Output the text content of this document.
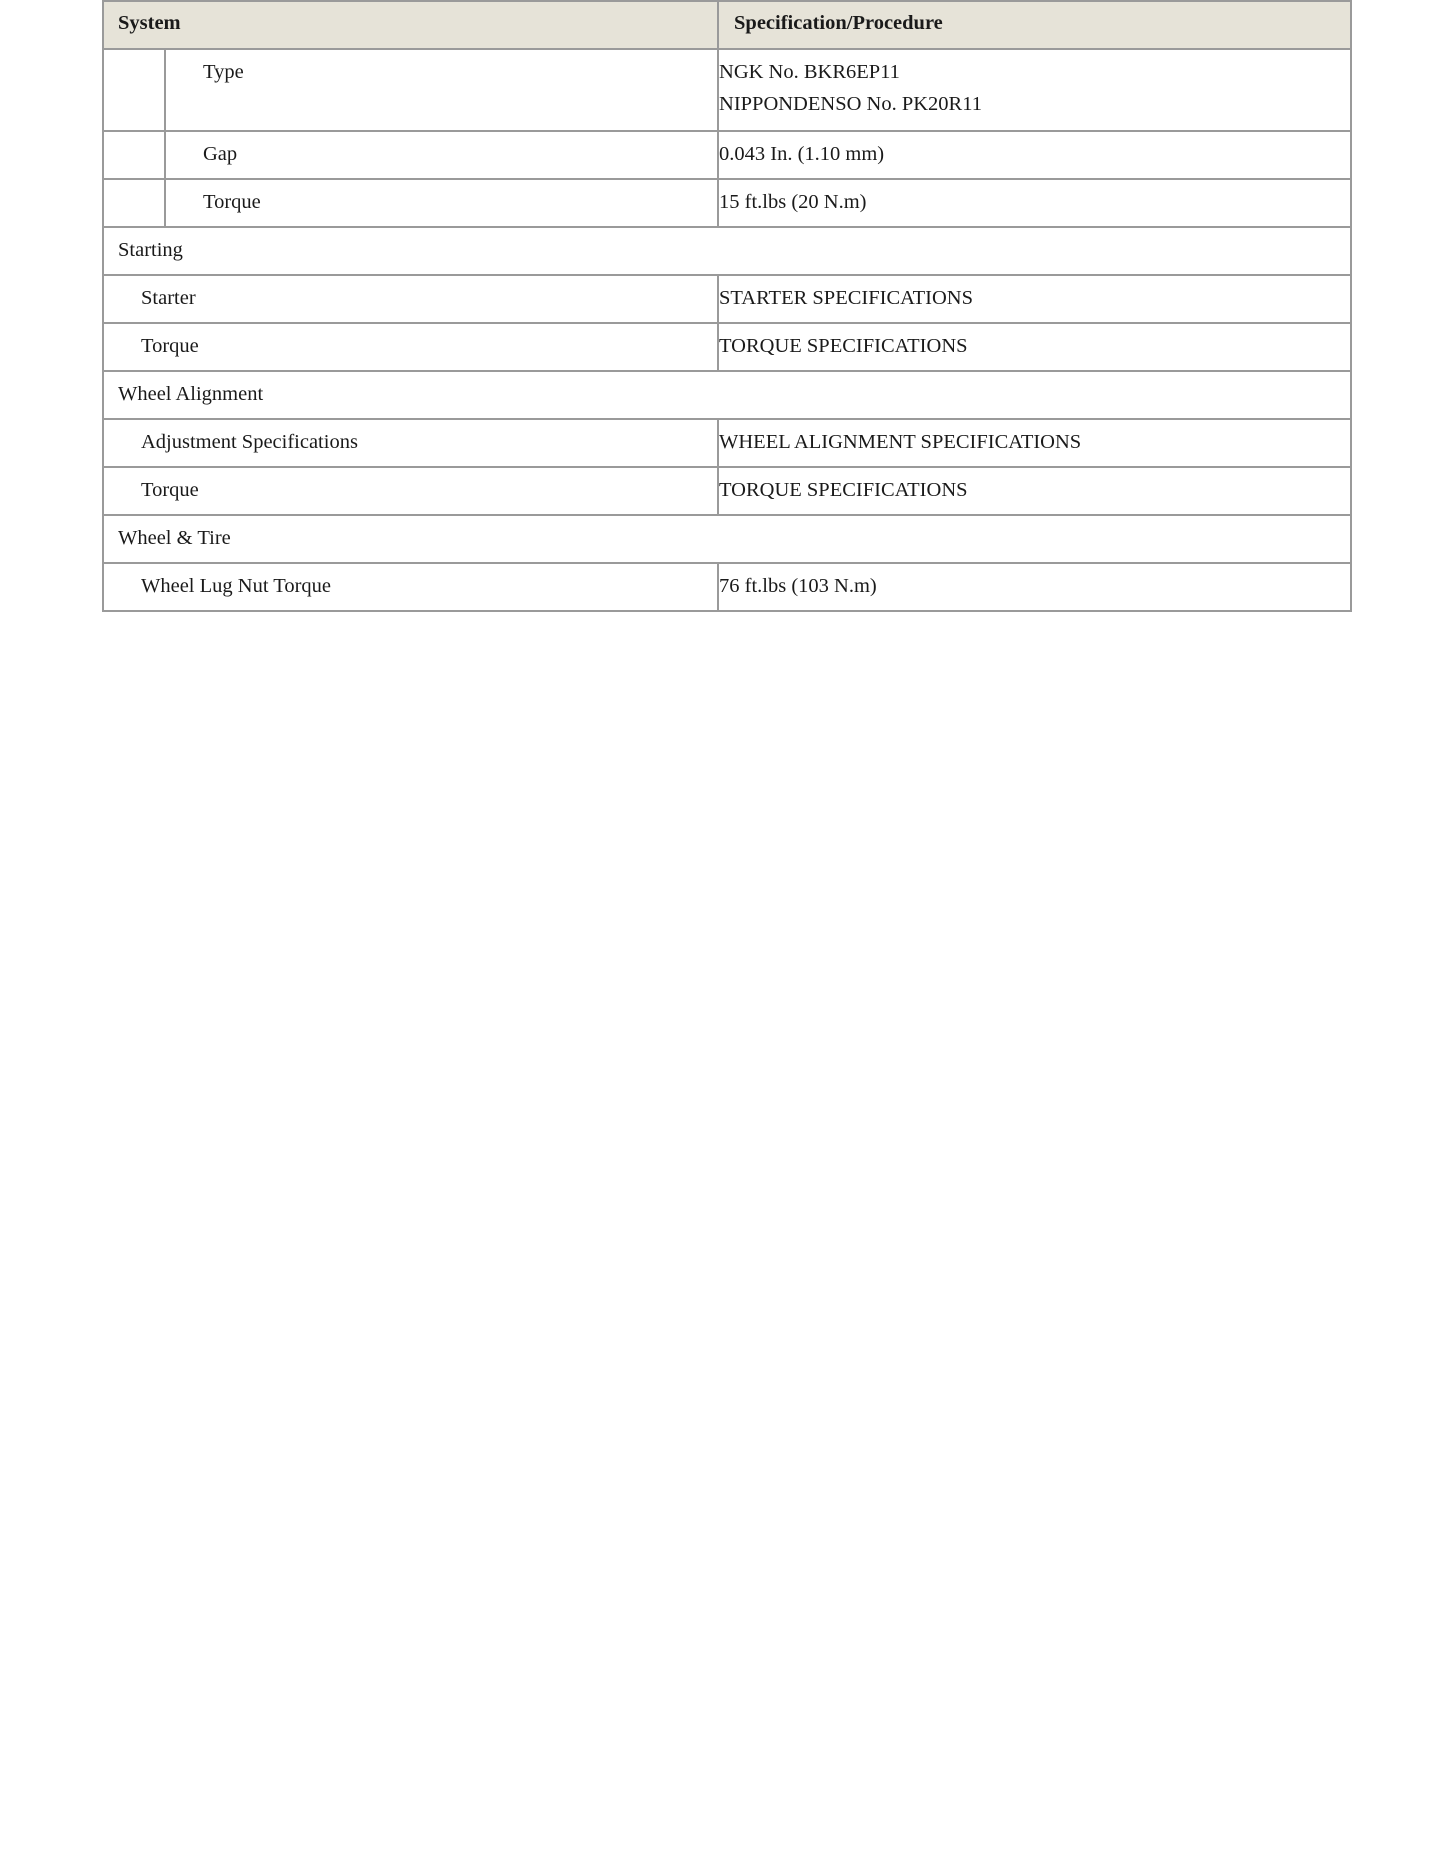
System		Specification/Procedure

	Type	NGK No. BKR6EP11
NIPPONDENSO No. PK20R11

	Gap	0.043 In. (1.10 mm)

	Torque	15 ft.lbs (20 N.m)

Starting		

Starter		STARTER SPECIFICATIONS

Torque		TORQUE SPECIFICATIONS

Wheel Alignment		

Adjustment Specifications		WHEEL ALIGNMENT SPECIFICATIONS

Torque		TORQUE SPECIFICATIONS

Wheel & Tire		

Wheel Lug Nut Torque		76 ft.lbs (103 N.m)
